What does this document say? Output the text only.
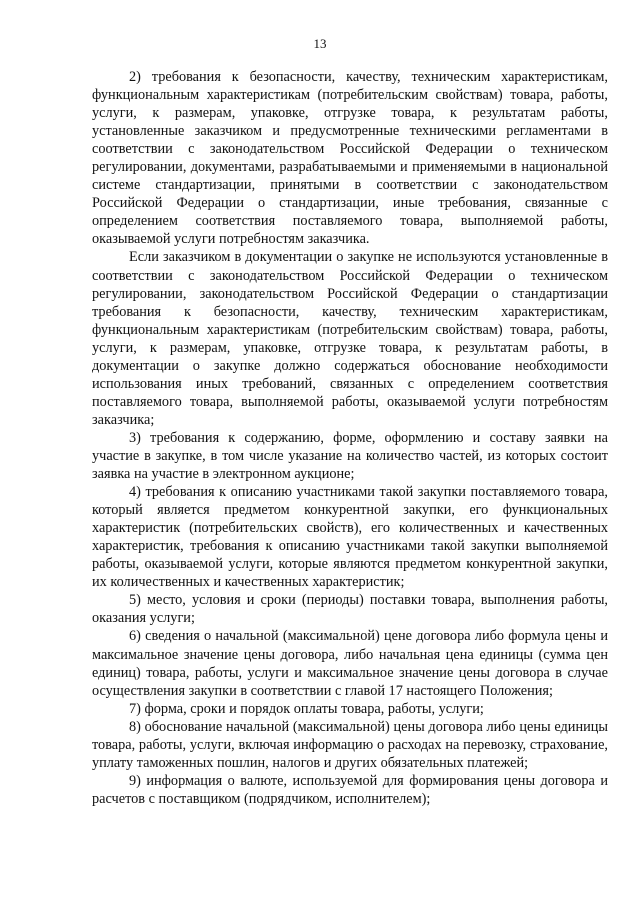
13

2) требования к безопасности, качеству, техническим характеристикам, функциональным характеристикам (потребительским свойствам) товара, работы, услуги, к размерам, упаковке, отгрузке товара, к результатам работы, установленные заказчиком и предусмотренные техническими регламентами в соответствии с законодательством Российской Федерации о техническом регулировании, документами, разрабатываемыми и применяемыми в национальной системе стандартизации, принятыми в соответствии с законодательством Российской Федерации о стандартизации, иные требования, связанные с определением соответствия поставляемого товара, выполняемой работы, оказываемой услуги потребностям заказчика.

Если заказчиком в документации о закупке не используются установленные в соответствии с законодательством Российской Федерации о техническом регулировании, законодательством Российской Федерации о стандартизации требования к безопасности, качеству, техническим характеристикам, функциональным характеристикам (потребительским свойствам) товара, работы, услуги, к размерам, упаковке, отгрузке товара, к результатам работы, в документации о закупке должно содержаться обоснование необходимости использования иных требований, связанных с определением соответствия поставляемого товара, выполняемой работы, оказываемой услуги потребностям заказчика;

3) требования к содержанию, форме, оформлению и составу заявки на участие в закупке, в том числе указание на количество частей, из которых состоит заявка на участие в электронном аукционе;

4) требования к описанию участниками такой закупки поставляемого товара, который является предметом конкурентной закупки, его функциональных характеристик (потребительских свойств), его количественных и качественных характеристик, требования к описанию участниками такой закупки выполняемой работы, оказываемой услуги, которые являются предметом конкурентной закупки, их количественных и качественных характеристик;

5) место, условия и сроки (периоды) поставки товара, выполнения работы, оказания услуги;

6) сведения о начальной (максимальной) цене договора либо формула цены и максимальное значение цены договора, либо начальная цена единицы (сумма цен единиц) товара, работы, услуги и максимальное значение цены договора в случае осуществления закупки в соответствии с главой 17 настоящего Положения;

7) форма, сроки и порядок оплаты товара, работы, услуги;

8) обоснование начальной (максимальной) цены договора либо цены единицы товара, работы, услуги, включая информацию о расходах на перевозку, страхование, уплату таможенных пошлин, налогов и других обязательных платежей;

9) информация о валюте, используемой для формирования цены договора и расчетов с поставщиком (подрядчиком, исполнителем);
